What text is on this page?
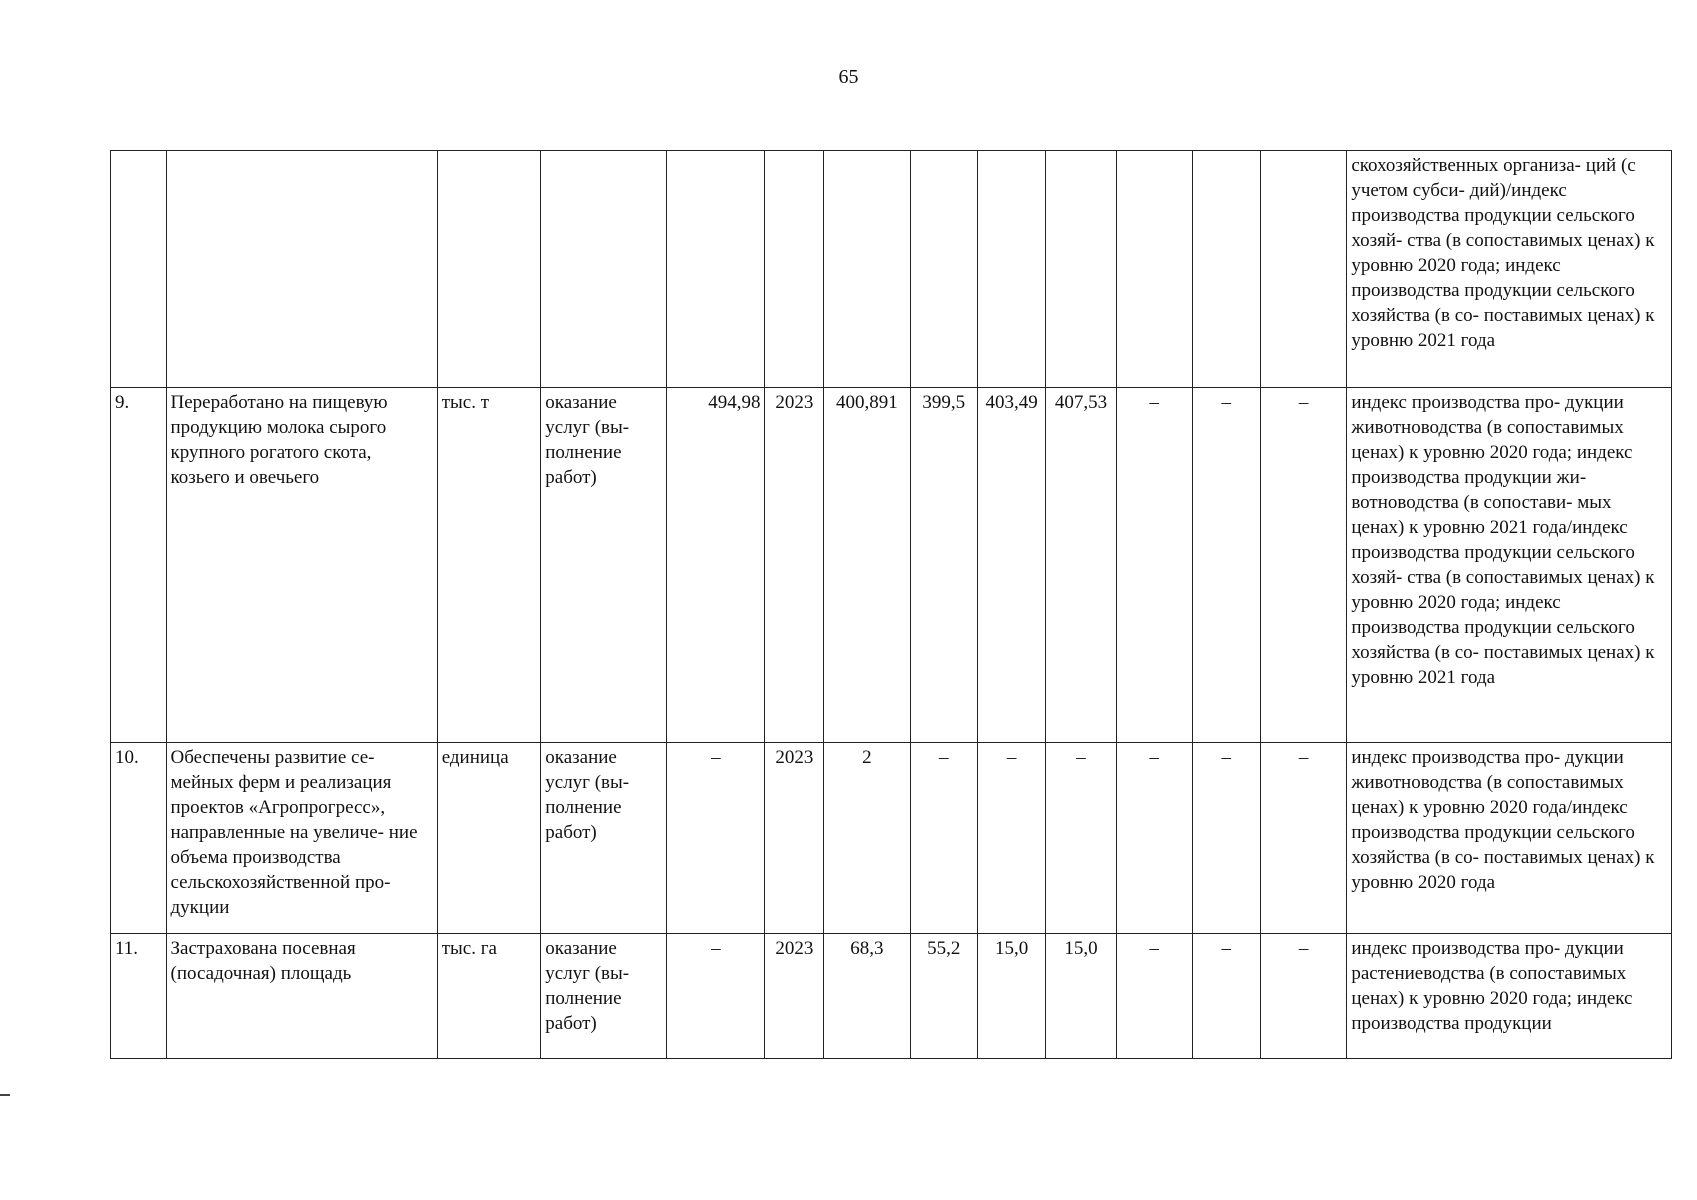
65
													скохозяйственных организа- ций (с учетом субси- дий)/индекс производства продукции сельского хозяй- ства (в сопоставимых ценах) к уровню 2020 года; индекс производства продукции сельского хозяйства (в со- поставимых ценах) к уровню 2021 года
9.	Переработано на пищевую продукцию молока сырого крупного рогатого скота, козьего и овечьего	тыс. т	оказание услуг (вы- полнение работ)	494,98	2023	400,891	399,5	403,49	407,53	–	–	–	индекс производства про- дукции животноводства (в сопоставимых ценах) к уровню 2020 года; индекс производства продукции жи- вотноводства (в сопостави- мых ценах) к уровню 2021 года/индекс производства продукции сельского хозяй- ства (в сопоставимых ценах) к уровню 2020 года; индекс производства продукции сельского хозяйства (в со- поставимых ценах) к уровню 2021 года
10.	Обеспечены развитие се- мейных ферм и реализация проектов «Агропрогресс», направленные на увеличе- ние объема производства сельскохозяйственной про- дукции	единица	оказание услуг (вы- полнение работ)	–	2023	2	–	–	–	–	–	–	индекс производства про- дукции животноводства (в сопоставимых ценах) к уровню 2020 года/индекс производства продукции сельского хозяйства (в со- поставимых ценах) к уровню 2020 года
11.	Застрахована посевная (посадочная) площадь	тыс. га	оказание услуг (вы- полнение работ)	–	2023	68,3	55,2	15,0	15,0	–	–	–	индекс производства про- дукции растениеводства (в сопоставимых ценах) к уровню 2020 года; индекс производства продукции
